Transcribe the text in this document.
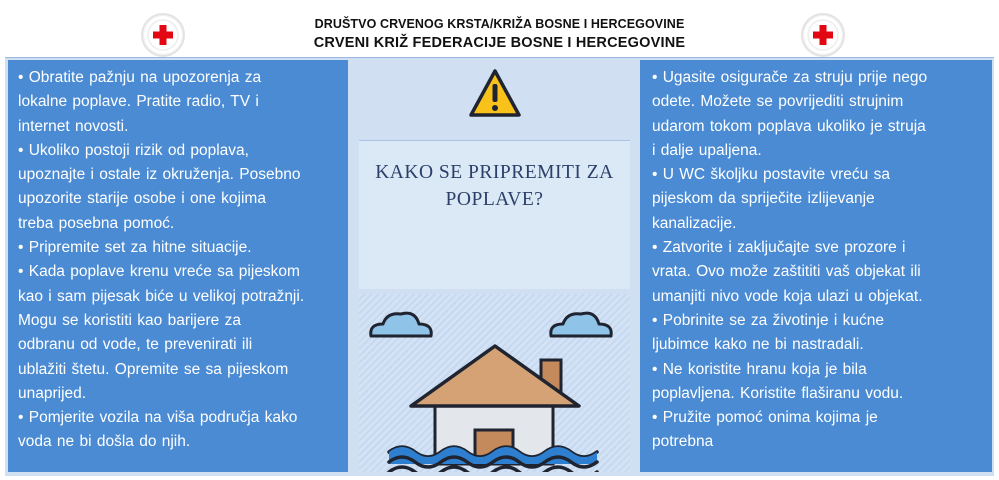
DRUŠTVO CRVENOG KRSTA/KRIŽA BOSNE I HERCEGOVINE
CRVENI KRIŽ FEDERACIJE BOSNE I HERCEGOVINE

• Obratite pažnju na upozorenja za

lokalne poplave. Pratite radio, TV i

internet novosti.

• Ukoliko postoji rizik od poplava,

upoznajte i ostale iz okruženja. Posebno

upozorite starije osobe i one kojima

treba posebna pomoć.

• Pripremite set za hitne situacije.

• Kada poplave krenu vreće sa pijeskom

kao i sam pijesak biće u velikoj potražnji.

Mogu se koristiti kao barijere za

odbranu od vode, te prevenirati ili

ublažiti štetu. Opremite se sa pijeskom

unaprijed.

• Pomjerite vozila na viša područja kako

voda ne bi došla do njih.

KAKO SE PRIPREMITI ZA
POPLAVE?

• Ugasite osigurače za struju prije nego

odete. Možete se povrijediti strujnim

udarom tokom poplava ukoliko je struja

i dalje upaljena.

• U WC školjku postavite vreću sa

pijeskom da spriječite izlijevanje

kanalizacije.

• Zatvorite i zaključajte sve prozore i

vrata. Ovo može zaštititi vaš objekat ili

umanjiti nivo vode koja ulazi u objekat.

• Pobrinite se za životinje i kućne

ljubimce kako ne bi nastradali.

• Ne koristite hranu koja je bila

poplavljena. Koristite flaširanu vodu.

• Pružite pomoć onima kojima je

potrebna
